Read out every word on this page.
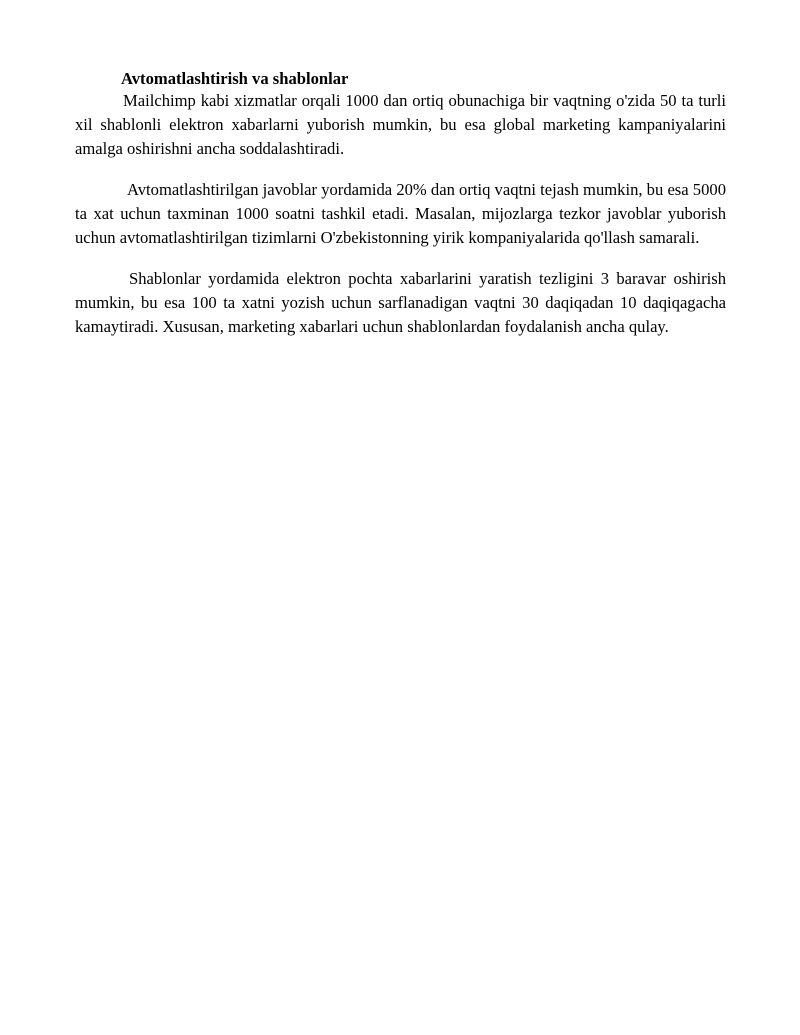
Avtomatlashtirish va shablonlar

Mailchimp kabi xizmatlar orqali 1000 dan ortiq obunachiga bir vaqtning o'zida 50 ta turli xil shablonli elektron xabarlarni yuborish mumkin, bu esa global marketing kampaniyalarini amalga oshirishni ancha soddalashtiradi.

Avtomatlashtirilgan javoblar yordamida 20% dan ortiq vaqtni tejash mumkin, bu esa 5000 ta xat uchun taxminan 1000 soatni tashkil etadi. Masalan, mijozlarga tezkor javoblar yuborish uchun avtomatlashtirilgan tizimlarni O'zbekistonning yirik kompaniyalarida qo'llash samarali.

Shablonlar yordamida elektron pochta xabarlarini yaratish tezligini 3 baravar oshirish mumkin, bu esa 100 ta xatni yozish uchun sarflanadigan vaqtni 30 daqiqadan 10 daqiqagacha kamaytiradi. Xususan, marketing xabarlari uchun shablonlardan foydalanish ancha qulay.
